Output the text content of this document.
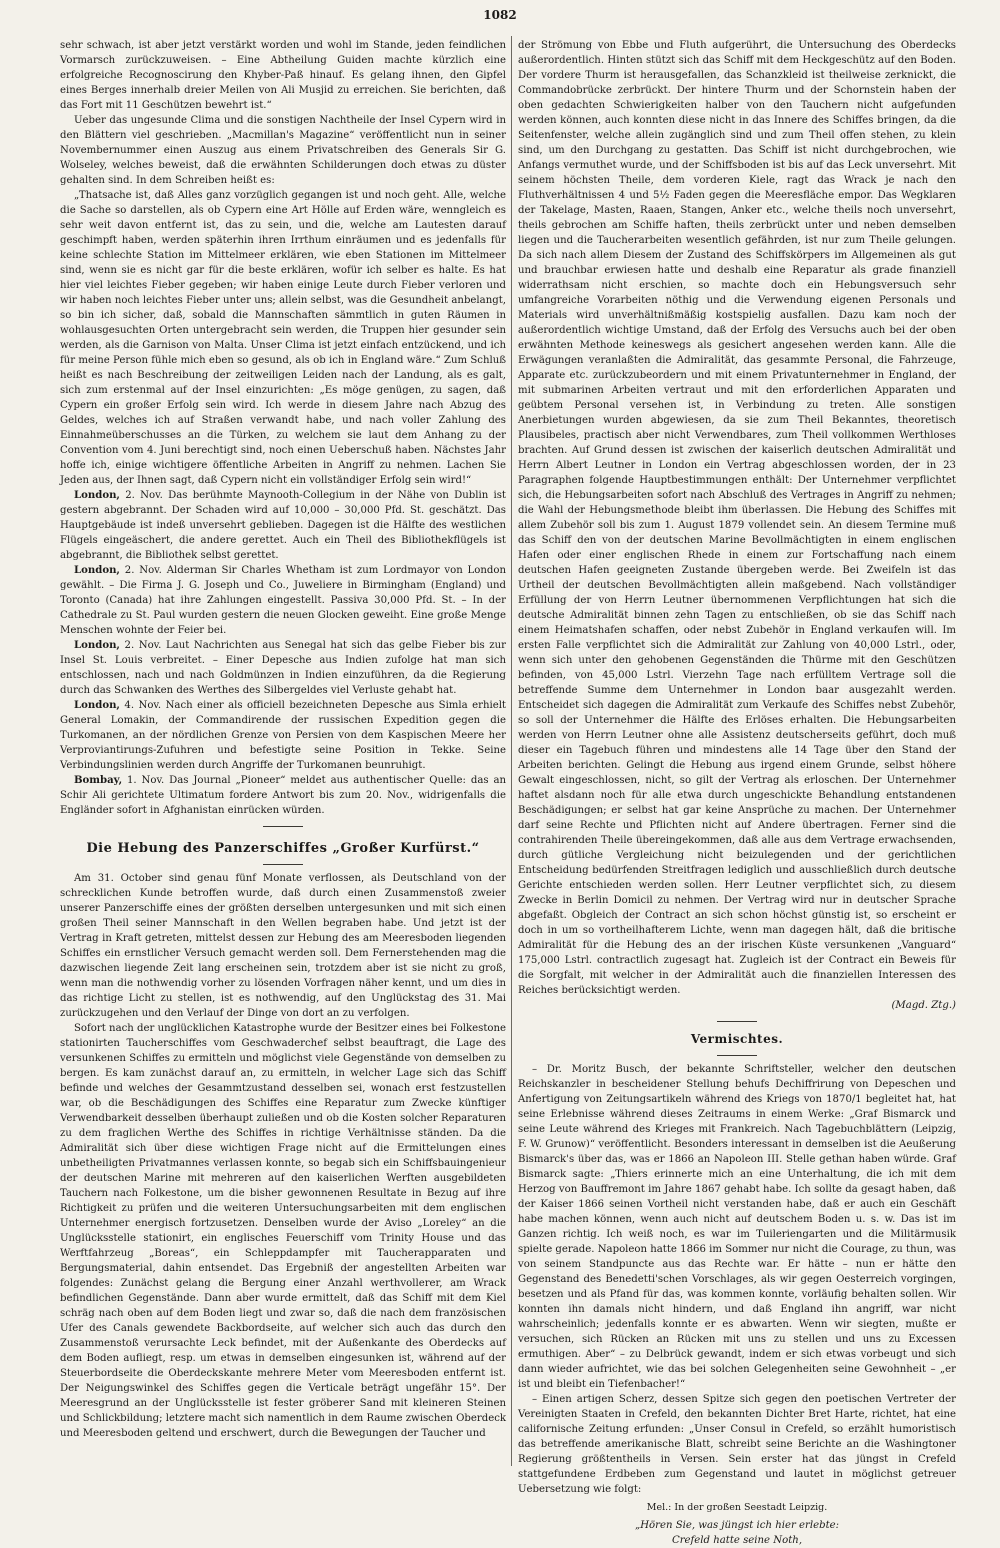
1082

sehr schwach, ist aber jetzt verstärkt worden und wohl im Stande, jeden feindlichen Vormarsch zurückzuweisen. – Eine Abtheilung Guiden machte kürzlich eine erfolgreiche Recognoscirung den Khyber-Paß hinauf. Es gelang ihnen, den Gipfel eines Berges innerhalb dreier Meilen von Ali Musjid zu erreichen. Sie berichten, daß das Fort mit 11 Geschützen bewehrt ist.“

Ueber das ungesunde Clima und die sonstigen Nachtheile der Insel Cypern wird in den Blättern viel geschrieben. „Macmillan's Magazine“ veröffentlicht nun in seiner Novembernummer einen Auszug aus einem Privatschreiben des Generals Sir G. Wolseley, welches beweist, daß die erwähnten Schilderungen doch etwas zu düster gehalten sind. In dem Schreiben heißt es:

„Thatsache ist, daß Alles ganz vorzüglich gegangen ist und noch geht. Alle, welche die Sache so darstellen, als ob Cypern eine Art Hölle auf Erden wäre, wenngleich es sehr weit davon entfernt ist, das zu sein, und die, welche am Lautesten darauf geschimpft haben, werden späterhin ihren Irrthum einräumen und es jedenfalls für keine schlechte Station im Mittelmeer erklären, wie eben Stationen im Mittelmeer sind, wenn sie es nicht gar für die beste erklären, wofür ich selber es halte. Es hat hier viel leichtes Fieber gegeben; wir haben einige Leute durch Fieber verloren und wir haben noch leichtes Fieber unter uns; allein selbst, was die Gesundheit anbelangt, so bin ich sicher, daß, sobald die Mannschaften sämmtlich in guten Räumen in wohlausgesuchten Orten untergebracht sein werden, die Truppen hier gesunder sein werden, als die Garnison von Malta. Unser Clima ist jetzt einfach entzückend, und ich für meine Person fühle mich eben so gesund, als ob ich in England wäre.“ Zum Schluß heißt es nach Beschreibung der zeitweiligen Leiden nach der Landung, als es galt, sich zum erstenmal auf der Insel einzurichten: „Es möge genügen, zu sagen, daß Cypern ein großer Erfolg sein wird. Ich werde in diesem Jahre nach Abzug des Geldes, welches ich auf Straßen verwandt habe, und nach voller Zahlung des Einnahmeüberschusses an die Türken, zu welchem sie laut dem Anhang zu der Convention vom 4. Juni berechtigt sind, noch einen Ueberschuß haben. Nächstes Jahr hoffe ich, einige wichtigere öffentliche Arbeiten in Angriff zu nehmen. Lachen Sie Jeden aus, der Ihnen sagt, daß Cypern nicht ein vollständiger Erfolg sein wird!“

London, 2. Nov. Das berühmte Maynooth-Collegium in der Nähe von Dublin ist gestern abgebrannt. Der Schaden wird auf 10,000 – 30,000 Pfd. St. geschätzt. Das Hauptgebäude ist indeß unversehrt geblieben. Dagegen ist die Hälfte des westlichen Flügels eingeäschert, die andere gerettet. Auch ein Theil des Bibliothekflügels ist abgebrannt, die Bibliothek selbst gerettet.

London, 2. Nov. Alderman Sir Charles Whetham ist zum Lordmayor von London gewählt. – Die Firma J. G. Joseph und Co., Juweliere in Birmingham (England) und Toronto (Canada) hat ihre Zahlungen eingestellt. Passiva 30,000 Pfd. St. – In der Cathedrale zu St. Paul wurden gestern die neuen Glocken geweiht. Eine große Menge Menschen wohnte der Feier bei.

London, 2. Nov. Laut Nachrichten aus Senegal hat sich das gelbe Fieber bis zur Insel St. Louis verbreitet. – Einer Depesche aus Indien zufolge hat man sich entschlossen, nach und nach Goldmünzen in Indien einzuführen, da die Regierung durch das Schwanken des Werthes des Silbergeldes viel Verluste gehabt hat.

London, 4. Nov. Nach einer als officiell bezeichneten Depesche aus Simla erhielt General Lomakin, der Commandirende der russischen Expedition gegen die Turkomanen, an der nördlichen Grenze von Persien von dem Kaspischen Meere her Verproviantirungs-Zufuhren und befestigte seine Position in Tekke. Seine Verbindungslinien werden durch Angriffe der Turkomanen beunruhigt.

Bombay, 1. Nov. Das Journal „Pioneer“ meldet aus authentischer Quelle: das an Schir Ali gerichtete Ultimatum fordere Antwort bis zum 20. Nov., widrigenfalls die Engländer sofort in Afghanistan einrücken würden.

Die Hebung des Panzerschiffes „Großer Kurfürst.“

Am 31. October sind genau fünf Monate verflossen, als Deutschland von der schrecklichen Kunde betroffen wurde, daß durch einen Zusammenstoß zweier unserer Panzerschiffe eines der größten derselben untergesunken und mit sich einen großen Theil seiner Mannschaft in den Wellen begraben habe. Und jetzt ist der Vertrag in Kraft getreten, mittelst dessen zur Hebung des am Meeresboden liegenden Schiffes ein ernstlicher Versuch gemacht werden soll. Dem Fernerstehenden mag die dazwischen liegende Zeit lang erscheinen sein, trotzdem aber ist sie nicht zu groß, wenn man die nothwendig vorher zu lösenden Vorfragen näher kennt, und um dies in das richtige Licht zu stellen, ist es nothwendig, auf den Unglückstag des 31. Mai zurückzugehen und den Verlauf der Dinge von dort an zu verfolgen.

Sofort nach der unglücklichen Katastrophe wurde der Besitzer eines bei Folkestone stationirten Taucherschiffes vom Geschwaderchef selbst beauftragt, die Lage des versunkenen Schiffes zu ermitteln und möglichst viele Gegenstände von demselben zu bergen. Es kam zunächst darauf an, zu ermitteln, in welcher Lage sich das Schiff befinde und welches der Gesammtzustand desselben sei, wonach erst festzustellen war, ob die Beschädigungen des Schiffes eine Reparatur zum Zwecke künftiger Verwendbarkeit desselben überhaupt zuließen und ob die Kosten solcher Reparaturen zu dem fraglichen Werthe des Schiffes in richtige Verhältnisse ständen. Da die Admiralität sich über diese wichtigen Frage nicht auf die Ermittelungen eines unbetheiligten Privatmannes verlassen konnte, so begab sich ein Schiffsbauingenieur der deutschen Marine mit mehreren auf den kaiserlichen Werften ausgebildeten Tauchern nach Folkestone, um die bisher gewonnenen Resultate in Bezug auf ihre Richtigkeit zu prüfen und die weiteren Untersuchungsarbeiten mit dem englischen Unternehmer energisch fortzusetzen. Denselben wurde der Aviso „Loreley“ an die Unglücksstelle stationirt, ein englisches Feuerschiff vom Trinity House und das Werftfahrzeug „Boreas“, ein Schleppdampfer mit Taucherapparaten und Bergungsmaterial, dahin entsendet. Das Ergebniß der angestellten Arbeiten war folgendes: Zunächst gelang die Bergung einer Anzahl werthvollerer, am Wrack befindlichen Gegenstände. Dann aber wurde ermittelt, daß das Schiff mit dem Kiel schräg nach oben auf dem Boden liegt und zwar so, daß die nach dem französischen Ufer des Canals gewendete Backbordseite, auf welcher sich auch das durch den Zusammenstoß verursachte Leck befindet, mit der Außenkante des Oberdecks auf dem Boden aufliegt, resp. um etwas in demselben eingesunken ist, während auf der Steuerbordseite die Oberdeckskante mehrere Meter vom Meeresboden entfernt ist. Der Neigungswinkel des Schiffes gegen die Verticale beträgt ungefähr 15°. Der Meeresgrund an der Unglücksstelle ist fester gröberer Sand mit kleineren Steinen und Schlickbildung; letztere macht sich namentlich in dem Raume zwischen Oberdeck und Meeresboden geltend und erschwert, durch die Bewegungen der Taucher und

der Strömung von Ebbe und Fluth aufgerührt, die Untersuchung des Oberdecks außerordentlich. Hinten stützt sich das Schiff mit dem Heckgeschütz auf den Boden. Der vordere Thurm ist herausgefallen, das Schanzkleid ist theilweise zerknickt, die Commandobrücke zerbrückt. Der hintere Thurm und der Schornstein haben der oben gedachten Schwierigkeiten halber von den Tauchern nicht aufgefunden werden können, auch konnten diese nicht in das Innere des Schiffes bringen, da die Seitenfenster, welche allein zugänglich sind und zum Theil offen stehen, zu klein sind, um den Durchgang zu gestatten. Das Schiff ist nicht durchgebrochen, wie Anfangs vermuthet wurde, und der Schiffsboden ist bis auf das Leck unversehrt. Mit seinem höchsten Theile, dem vorderen Kiele, ragt das Wrack je nach den Fluthverhältnissen 4 und 5½ Faden gegen die Meeresfläche empor. Das Wegklaren der Takelage, Masten, Raaen, Stangen, Anker etc., welche theils noch unversehrt, theils gebrochen am Schiffe haften, theils zerbrückt unter und neben demselben liegen und die Taucherarbeiten wesentlich gefährden, ist nur zum Theile gelungen. Da sich nach allem Diesem der Zustand des Schiffskörpers im Allgemeinen als gut und brauchbar erwiesen hatte und deshalb eine Reparatur als grade finanziell widerrathsam nicht erschien, so machte doch ein Hebungsversuch sehr umfangreiche Vorarbeiten nöthig und die Verwendung eigenen Personals und Materials wird unverhältnißmäßig kostspielig ausfallen. Dazu kam noch der außerordentlich wichtige Umstand, daß der Erfolg des Versuchs auch bei der oben erwähnten Methode keineswegs als gesichert angesehen werden kann. Alle die Erwägungen veranlaßten die Admiralität, das gesammte Personal, die Fahrzeuge, Apparate etc. zurückzubeordern und mit einem Privatunternehmer in England, der mit submarinen Arbeiten vertraut und mit den erforderlichen Apparaten und geübtem Personal versehen ist, in Verbindung zu treten. Alle sonstigen Anerbietungen wurden abgewiesen, da sie zum Theil Bekanntes, theoretisch Plausibeles, practisch aber nicht Verwendbares, zum Theil vollkommen Werthloses brachten. Auf Grund dessen ist zwischen der kaiserlich deutschen Admiralität und Herrn Albert Leutner in London ein Vertrag abgeschlossen worden, der in 23 Paragraphen folgende Hauptbestimmungen enthält: Der Unternehmer verpflichtet sich, die Hebungsarbeiten sofort nach Abschluß des Vertrages in Angriff zu nehmen; die Wahl der Hebungsmethode bleibt ihm überlassen. Die Hebung des Schiffes mit allem Zubehör soll bis zum 1. August 1879 vollendet sein. An diesem Termine muß das Schiff den von der deutschen Marine Bevollmächtigten in einem englischen Hafen oder einer englischen Rhede in einem zur Fortschaffung nach einem deutschen Hafen geeigneten Zustande übergeben werde. Bei Zweifeln ist das Urtheil der deutschen Bevollmächtigten allein maßgebend. Nach vollständiger Erfüllung der von Herrn Leutner übernommenen Verpflichtungen hat sich die deutsche Admiralität binnen zehn Tagen zu entschließen, ob sie das Schiff nach einem Heimatshafen schaffen, oder nebst Zubehör in England verkaufen will. Im ersten Falle verpflichtet sich die Admiralität zur Zahlung von 40,000 Lstrl., oder, wenn sich unter den gehobenen Gegenständen die Thürme mit den Geschützen befinden, von 45,000 Lstrl. Vierzehn Tage nach erfülltem Vertrage soll die betreffende Summe dem Unternehmer in London baar ausgezahlt werden. Entscheidet sich dagegen die Admiralität zum Verkaufe des Schiffes nebst Zubehör, so soll der Unternehmer die Hälfte des Erlöses erhalten. Die Hebungsarbeiten werden von Herrn Leutner ohne alle Assistenz deutscherseits geführt, doch muß dieser ein Tagebuch führen und mindestens alle 14 Tage über den Stand der Arbeiten berichten. Gelingt die Hebung aus irgend einem Grunde, selbst höhere Gewalt eingeschlossen, nicht, so gilt der Vertrag als erloschen. Der Unternehmer haftet alsdann noch für alle etwa durch ungeschickte Behandlung entstandenen Beschädigungen; er selbst hat gar keine Ansprüche zu machen. Der Unternehmer darf seine Rechte und Pflichten nicht auf Andere übertragen. Ferner sind die contrahirenden Theile übereingekommen, daß alle aus dem Vertrage erwachsenden, durch gütliche Vergleichung nicht beizulegenden und der gerichtlichen Entscheidung bedürfenden Streitfragen lediglich und ausschließlich durch deutsche Gerichte entschieden werden sollen. Herr Leutner verpflichtet sich, zu diesem Zwecke in Berlin Domicil zu nehmen. Der Vertrag wird nur in deutscher Sprache abgefaßt. Obgleich der Contract an sich schon höchst günstig ist, so erscheint er doch in um so vortheilhafterem Lichte, wenn man dagegen hält, daß die britische Admiralität für die Hebung des an der irischen Küste versunkenen „Vanguard“ 175,000 Lstrl. contractlich zugesagt hat. Zugleich ist der Contract ein Beweis für die Sorgfalt, mit welcher in der Admiralität auch die finanziellen Interessen des Reiches berücksichtigt werden.

(Magd. Ztg.)
Vermischtes.

– Dr. Moritz Busch, der bekannte Schriftsteller, welcher den deutschen Reichskanzler in bescheidener Stellung behufs Dechiffrirung von Depeschen und Anfertigung von Zeitungsartikeln während des Kriegs von 1870/1 begleitet hat, hat seine Erlebnisse während dieses Zeitraums in einem Werke: „Graf Bismarck und seine Leute während des Krieges mit Frankreich. Nach Tagebuchblättern (Leipzig, F. W. Grunow)“ veröffentlicht. Besonders interessant in demselben ist die Aeußerung Bismarck's über das, was er 1866 an Napoleon III. Stelle gethan haben würde. Graf Bismarck sagte: „Thiers erinnerte mich an eine Unterhaltung, die ich mit dem Herzog von Bauffremont im Jahre 1867 gehabt habe. Ich sollte da gesagt haben, daß der Kaiser 1866 seinen Vortheil nicht verstanden habe, daß er auch ein Geschäft habe machen können, wenn auch nicht auf deutschem Boden u. s. w. Das ist im Ganzen richtig. Ich weiß noch, es war im Tuileriengarten und die Militärmusik spielte gerade. Napoleon hatte 1866 im Sommer nur nicht die Courage, zu thun, was von seinem Standpuncte aus das Rechte war. Er hätte – nun er hätte den Gegenstand des Benedetti'schen Vorschlages, als wir gegen Oesterreich vorgingen, besetzen und als Pfand für das, was kommen konnte, vorläufig behalten sollen. Wir konnten ihn damals nicht hindern, und daß England ihn angriff, war nicht wahrscheinlich; jedenfalls konnte er es abwarten. Wenn wir siegten, mußte er versuchen, sich Rücken an Rücken mit uns zu stellen und uns zu Excessen ermuthigen. Aber“ – zu Delbrück gewandt, indem er sich etwas vorbeugt und sich dann wieder aufrichtet, wie das bei solchen Gelegenheiten seine Gewohnheit – „er ist und bleibt ein Tiefenbacher!“

– Einen artigen Scherz, dessen Spitze sich gegen den poetischen Vertreter der Vereinigten Staaten in Crefeld, den bekannten Dichter Bret Harte, richtet, hat eine californische Zeitung erfunden: „Unser Consul in Crefeld, so erzählt humoristisch das betreffende amerikanische Blatt, schreibt seine Berichte an die Washingtoner Regierung größtentheils in Versen. Sein erster hat das jüngst in Crefeld stattgefundene Erdbeben zum Gegenstand und lautet in möglichst getreuer Uebersetzung wie folgt:

Mel.: In der großen Seestadt Leipzig.
„Hören Sie, was jüngst ich hier erlebte:
Crefeld hatte seine Noth,
